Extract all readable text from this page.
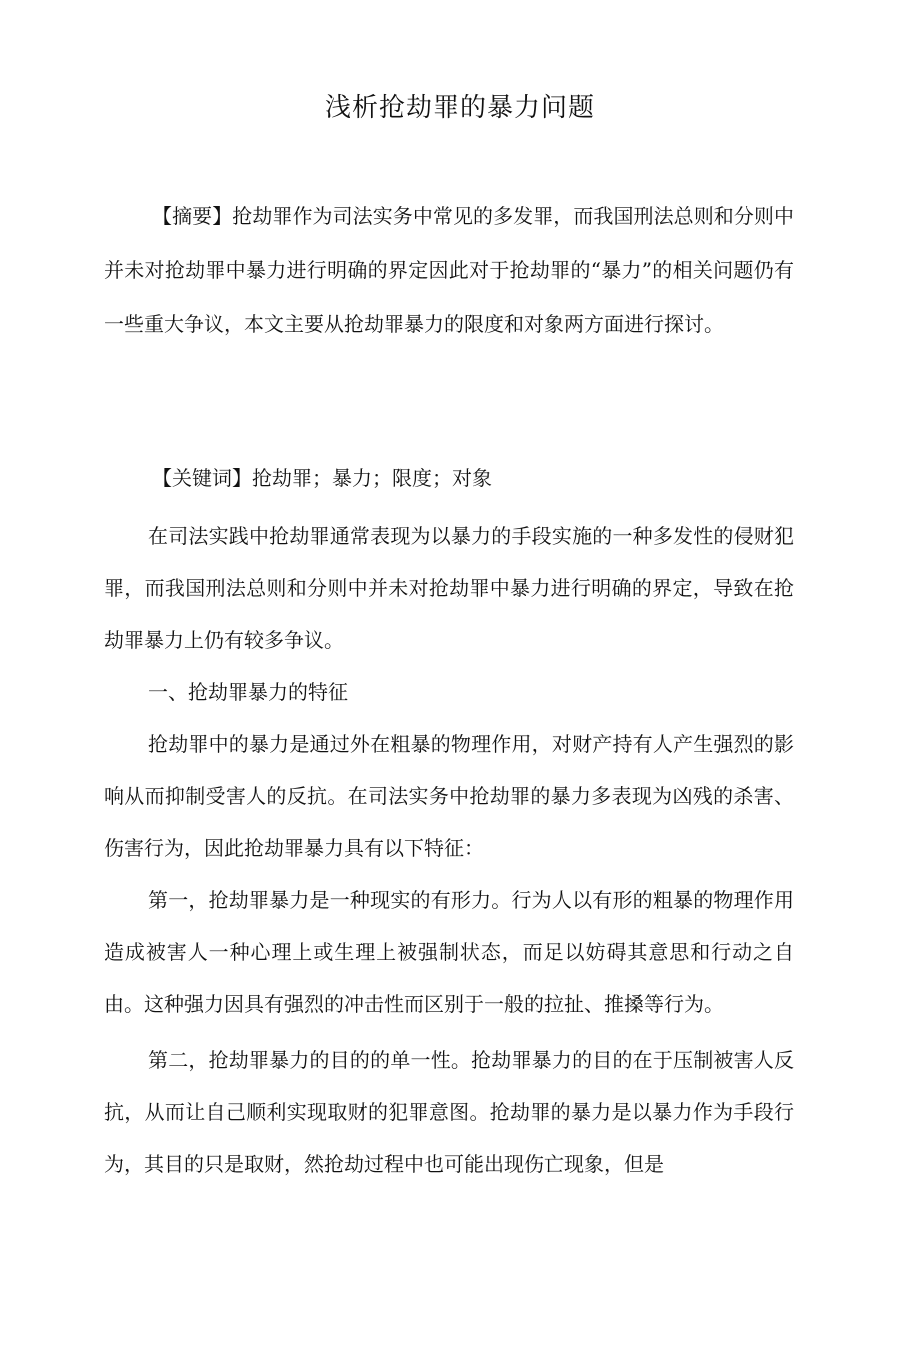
浅析抢劫罪的暴力问题

【摘要】抢劫罪作为司法实务中常见的多发罪，而我国刑法总则和分则中并未对抢劫罪中暴力进行明确的界定因此对于抢劫罪的“暴力”的相关问题仍有一些重大争议，本文主要从抢劫罪暴力的限度和对象两方面进行探讨。

【关键词】抢劫罪；暴力；限度；对象

在司法实践中抢劫罪通常表现为以暴力的手段实施的一种多发性的侵财犯罪，而我国刑法总则和分则中并未对抢劫罪中暴力进行明确的界定，导致在抢劫罪暴力上仍有较多争议。

一、抢劫罪暴力的特征

抢劫罪中的暴力是通过外在粗暴的物理作用，对财产持有人产生强烈的影响从而抑制受害人的反抗。在司法实务中抢劫罪的暴力多表现为凶残的杀害、伤害行为，因此抢劫罪暴力具有以下特征：

第一，抢劫罪暴力是一种现实的有形力。行为人以有形的粗暴的物理作用造成被害人一种心理上或生理上被强制状态，而足以妨碍其意思和行动之自由。这种强力因具有强烈的冲击性而区别于一般的拉扯、推搡等行为。

第二，抢劫罪暴力的目的的单一性。抢劫罪暴力的目的在于压制被害人反抗，从而让自己顺利实现取财的犯罪意图。抢劫罪的暴力是以暴力作为手段行为，其目的只是取财，然抢劫过程中也可能出现伤亡现象，但是
